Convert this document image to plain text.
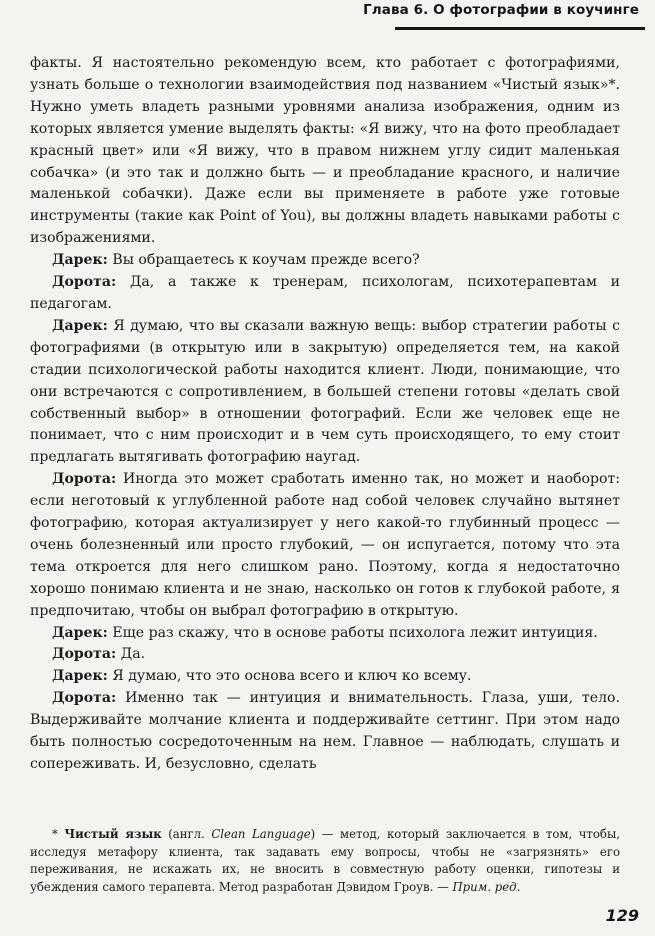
Глава 6. О фотографии в коучинге

факты. Я настоятельно рекомендую всем, кто работает с фотографиями, узнать больше о технологии взаимодействия под названием «Чистый язык»*. Нужно уметь владеть разными уровнями анализа изображения, одним из которых является умение выделять факты: «Я вижу, что на фото преобладает красный цвет» или «Я вижу, что в правом нижнем углу сидит маленькая собачка» (и это так и должно быть — и преобладание красного, и наличие маленькой собачки). Даже если вы применяете в работе уже готовые инструменты (такие как Point of You), вы должны владеть навыками работы с изображениями.

Дарек: Вы обращаетесь к коучам прежде всего?

Дорота: Да, а также к тренерам, психологам, психотерапевтам и педагогам.

Дарек: Я думаю, что вы сказали важную вещь: выбор стратегии работы с фотографиями (в открытую или в закрытую) определяется тем, на какой стадии психологической работы находится клиент. Люди, понимающие, что они встречаются с сопротивлением, в большей степени готовы «делать свой собственный выбор» в отношении фотографий. Если же человек еще не понимает, что с ним происходит и в чем суть происходящего, то ему стоит предлагать вытягивать фотографию наугад.

Дорота: Иногда это может сработать именно так, но может и наоборот: если неготовый к углубленной работе над собой человек случайно вытянет фотографию, которая актуализирует у него какой-то глубинный процесс — очень болезненный или просто глубокий, — он испугается, потому что эта тема откроется для него слишком рано. Поэтому, когда я недостаточно хорошо понимаю клиента и не знаю, насколько он готов к глубокой работе, я предпочитаю, чтобы он выбрал фотографию в открытую.

Дарек: Еще раз скажу, что в основе работы психолога лежит интуиция.

Дорота: Да.

Дарек: Я думаю, что это основа всего и ключ ко всему.

Дорота: Именно так — интуиция и внимательность. Глаза, уши, тело. Выдерживайте молчание клиента и поддерживайте сеттинг. При этом надо быть полностью сосредоточенным на нем. Главное — наблюдать, слушать и сопереживать. И, безусловно, сделать

* Чистый язык (англ. Clean Language) — метод, который заключается в том, чтобы, исследуя метафору клиента, так задавать ему вопросы, чтобы не «загрязнять» его переживания, не искажать их, не вносить в совместную работу оценки, гипотезы и убеждения самого терапевта. Метод разработан Дэвидом Гроув. — Прим. ред.

129
